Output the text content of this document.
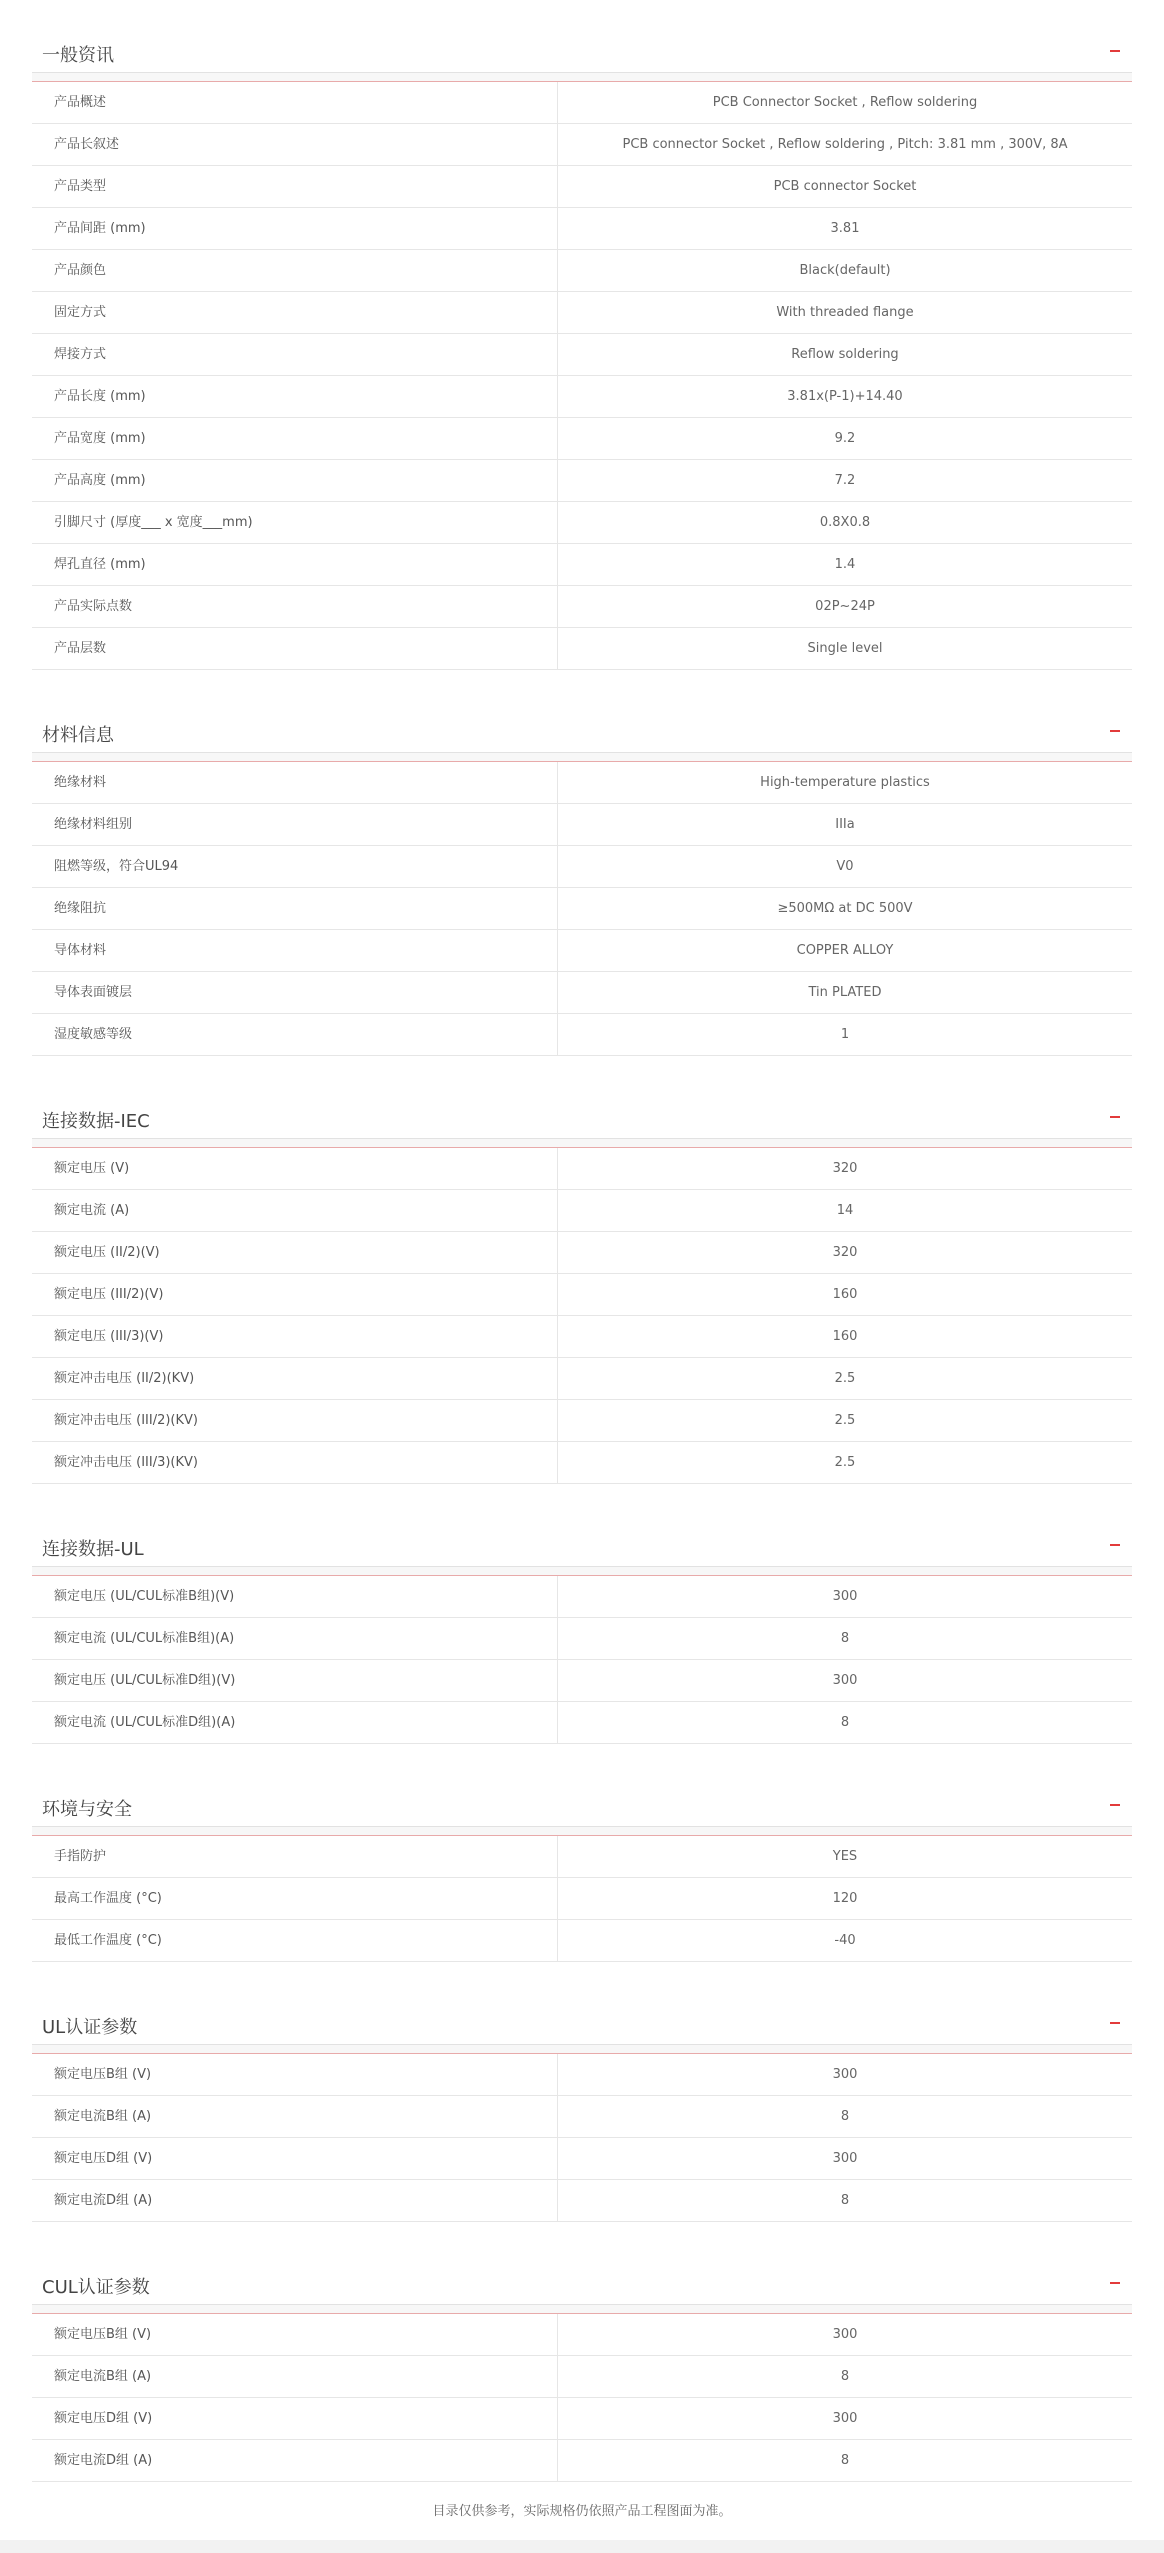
一般资讯
产品概述	PCB Connector Socket , Reflow soldering
产品长叙述	PCB connector Socket , Reflow soldering , Pitch: 3.81 mm , 300V, 8A
产品类型	PCB connector Socket
产品间距 (mm)	3.81
产品颜色	Black(default)
固定方式	With threaded flange
焊接方式	Reflow soldering
产品长度 (mm)	3.81x(P-1)+14.40
产品宽度 (mm)	9.2
产品高度 (mm)	7.2
引脚尺寸 (厚度___ x 宽度___mm)	0.8X0.8
焊孔直径 (mm)	1.4
产品实际点数	02P~24P
产品层数	Single level
材料信息
绝缘材料	High-temperature plastics
绝缘材料组别	IIIa
阻燃等级，符合UL94	V0
绝缘阻抗	≥500MΩ at DC 500V
导体材料	COPPER ALLOY
导体表面镀层	Tin PLATED
湿度敏感等级	1
连接数据-IEC
额定电压 (V)	320
额定电流 (A)	14
额定电压 (II/2)(V)	320
额定电压 (III/2)(V)	160
额定电压 (III/3)(V)	160
额定冲击电压 (II/2)(KV)	2.5
额定冲击电压 (III/2)(KV)	2.5
额定冲击电压 (III/3)(KV)	2.5
连接数据-UL
额定电压 (UL/CUL标准B组)(V)	300
额定电流 (UL/CUL标准B组)(A)	8
额定电压 (UL/CUL标准D组)(V)	300
额定电流 (UL/CUL标准D组)(A)	8
环境与安全
手指防护	YES
最高工作温度 (°C)	120
最低工作温度 (°C)	-40
UL认证参数
额定电压B组 (V)	300
额定电流B组 (A)	8
额定电压D组 (V)	300
额定电流D组 (A)	8
CUL认证参数
额定电压B组 (V)	300
额定电流B组 (A)	8
额定电压D组 (V)	300
额定电流D组 (A)	8
目录仅供参考，实际规格仍依照产品工程图面为准。
